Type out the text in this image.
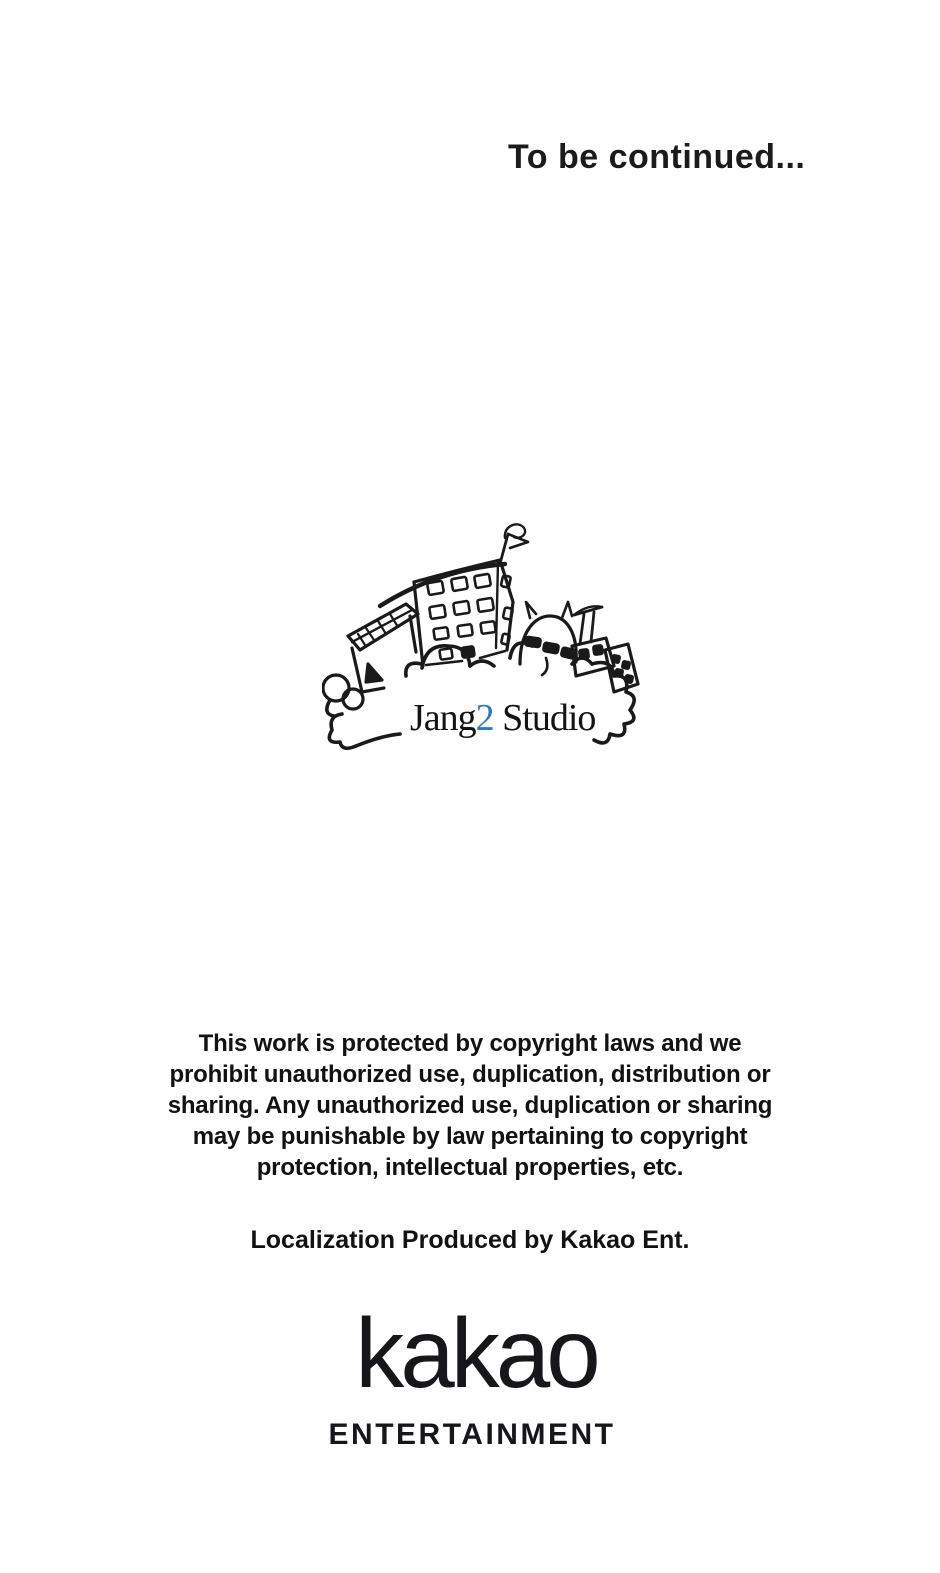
To be continued...
Jang2 Studio
This work is protected by copyright laws and we
prohibit unauthorized use, duplication, distribution or
sharing. Any unauthorized use, duplication or sharing
may be punishable by law pertaining to copyright
protection, intellectual properties, etc.
Localization Produced by Kakao Ent.
kakao
ENTERTAINMENT
